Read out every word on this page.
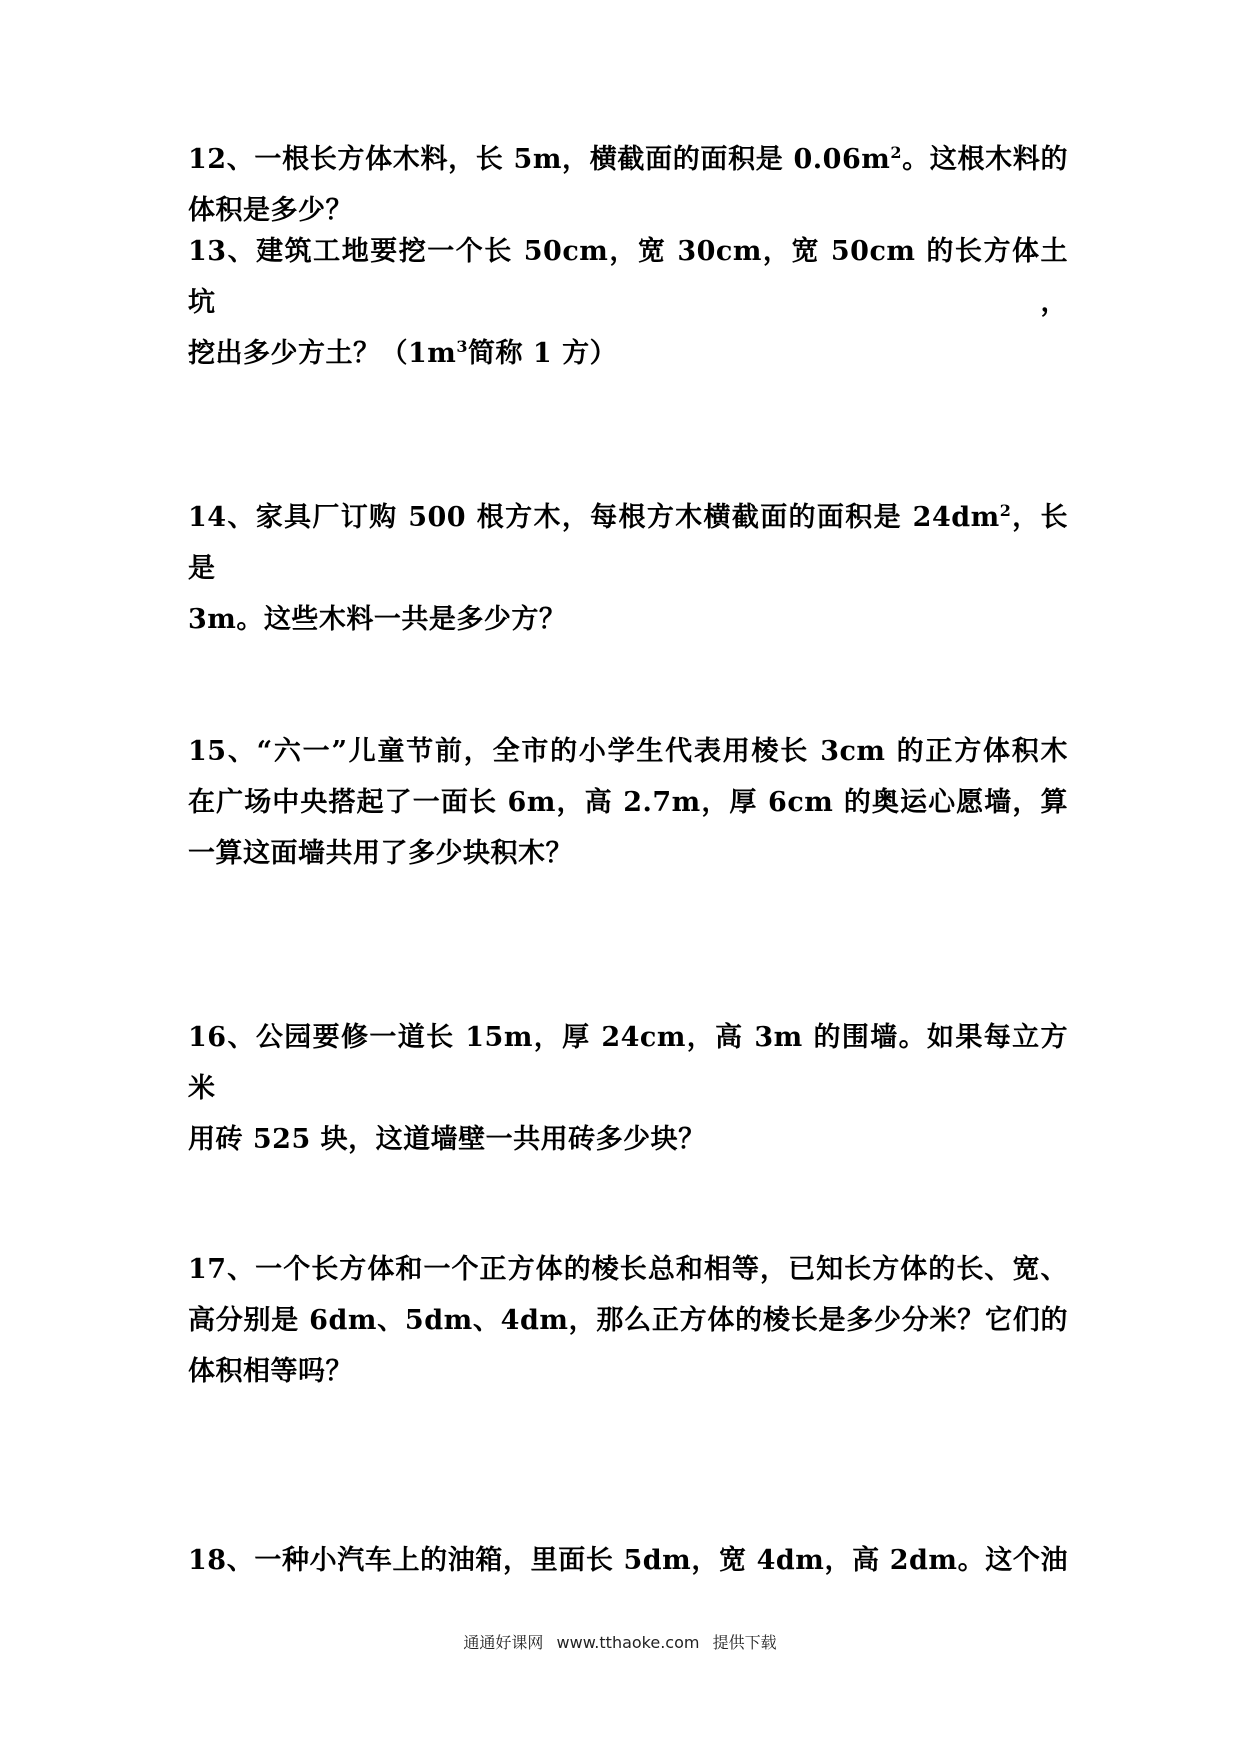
12、一根长方体木料，长 5m，横截面的面积是 $0.06m^2$。这根木料的
体积是多少？
13、建筑工地要挖一个长 50cm，宽 30cm，宽 50cm 的长方体土坑，
挖出多少方土？（$1m^3$简称 1 方）
14、家具厂订购 500 根方木，每根方木横截面的面积是 $24dm^2$，长是
3m。这些木料一共是多少方？
15、“六一”儿童节前，全市的小学生代表用棱长 3cm 的正方体积木
在广场中央搭起了一面长 6m，高 2.7m，厚 6cm 的奥运心愿墙，算
一算这面墙共用了多少块积木？
16、公园要修一道长 15m，厚 24cm，高 3m 的围墙。如果每立方米
用砖 525 块，这道墙壁一共用砖多少块？
17、一个长方体和一个正方体的棱长总和相等，已知长方体的长、宽、
高分别是 6dm、5dm、4dm，那么正方体的棱长是多少分米？它们的
体积相等吗？
18、一种小汽车上的油箱，里面长 5dm，宽 4dm，高 2dm。这个油
通通好课网 www.tthaoke.com 提供下载
